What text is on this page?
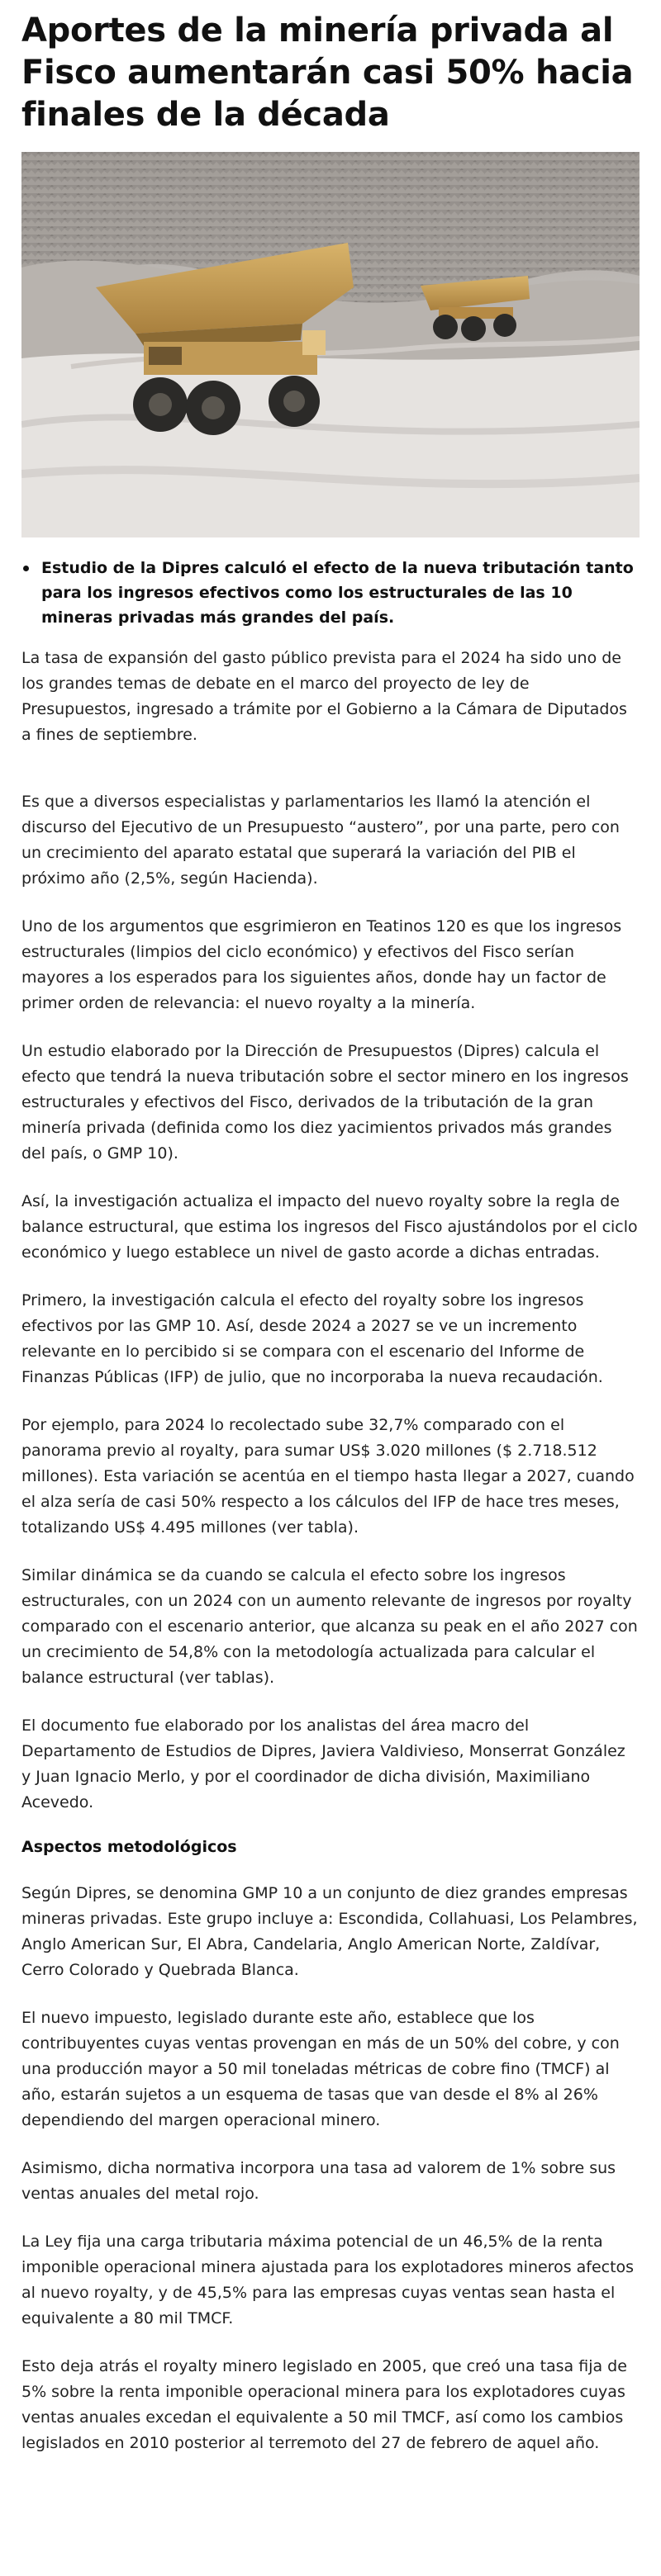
Aportes de la minería privada al Fisco aumentarán casi 50% hacia finales de la década
Estudio de la Dipres calculó el efecto de la nueva tributación tanto para los ingresos efectivos como los estructurales de las 10 mineras privadas más grandes del país.

La tasa de expansión del gasto público prevista para el 2024 ha sido uno de los grandes temas de debate en el marco del proyecto de ley de Presupuestos, ingresado a trámite por el Gobierno a la Cámara de Diputados a fines de septiembre.

Es que a diversos especialistas y parlamentarios les llamó la atención el discurso del Ejecutivo de un Presupuesto “austero”, por una parte, pero con un crecimiento del aparato estatal que superará la variación del PIB el próximo año (2,5%, según Hacienda).

Uno de los argumentos que esgrimieron en Teatinos 120 es que los ingresos estructurales (limpios del ciclo económico) y efectivos del Fisco serían mayores a los esperados para los siguientes años, donde hay un factor de primer orden de relevancia: el nuevo royalty a la minería.

Un estudio elaborado por la Dirección de Presupuestos (Dipres) calcula el efecto que tendrá la nueva tributación sobre el sector minero en los ingresos estructurales y efectivos del Fisco, derivados de la tributación de la gran minería privada (definida como los diez yacimientos privados más grandes del país, o GMP 10).

Así, la investigación actualiza el impacto del nuevo royalty sobre la regla de balance estructural, que estima los ingresos del Fisco ajustándolos por el ciclo económico y luego establece un nivel de gasto acorde a dichas entradas.

Primero, la investigación calcula el efecto del royalty sobre los ingresos efectivos por las GMP 10. Así, desde 2024 a 2027 se ve un incremento relevante en lo percibido si se compara con el escenario del Informe de Finanzas Públicas (IFP) de julio, que no incorporaba la nueva recaudación.

Por ejemplo, para 2024 lo recolectado sube 32,7% comparado con el panorama previo al royalty, para sumar US$ 3.020 millones ($ 2.718.512 millones). Esta variación se acentúa en el tiempo hasta llegar a 2027, cuando el alza sería de casi 50% respecto a los cálculos del IFP de hace tres meses, totalizando US$ 4.495 millones (ver tabla).

Similar dinámica se da cuando se calcula el efecto sobre los ingresos estructurales, con un 2024 con un aumento relevante de ingresos por royalty comparado con el escenario anterior, que alcanza su peak en el año 2027 con un crecimiento de 54,8% con la metodología actualizada para calcular el balance estructural (ver tablas).

El documento fue elaborado por los analistas del área macro del Departamento de Estudios de Dipres, Javiera Valdivieso, Monserrat González y Juan Ignacio Merlo, y por el coordinador de dicha división, Maximiliano Acevedo.

Aspectos metodológicos

Según Dipres, se denomina GMP 10 a un conjunto de diez grandes empresas mineras privadas. Este grupo incluye a: Escondida, Collahuasi, Los Pelambres, Anglo American Sur, El Abra, Candelaria, Anglo American Norte, Zaldívar, Cerro Colorado y Quebrada Blanca.

El nuevo impuesto, legislado durante este año, establece que los contribuyentes cuyas ventas provengan en más de un 50% del cobre, y con una producción mayor a 50 mil toneladas métricas de cobre fino (TMCF) al año, estarán sujetos a un esquema de tasas que van desde el 8% al 26% dependiendo del margen operacional minero.

Asimismo, dicha normativa incorpora una tasa ad valorem de 1% sobre sus ventas anuales del metal rojo.

La Ley fija una carga tributaria máxima potencial de un 46,5% de la renta imponible operacional minera ajustada para los explotadores mineros afectos al nuevo royalty, y de 45,5% para las empresas cuyas ventas sean hasta el equivalente a 80 mil TMCF.

Esto deja atrás el royalty minero legislado en 2005, que creó una tasa fija de 5% sobre la renta imponible operacional minera para los explotadores cuyas ventas anuales excedan el equivalente a 50 mil TMCF, así como los cambios legislados en 2010 posterior al terremoto del 27 de febrero de aquel año.
